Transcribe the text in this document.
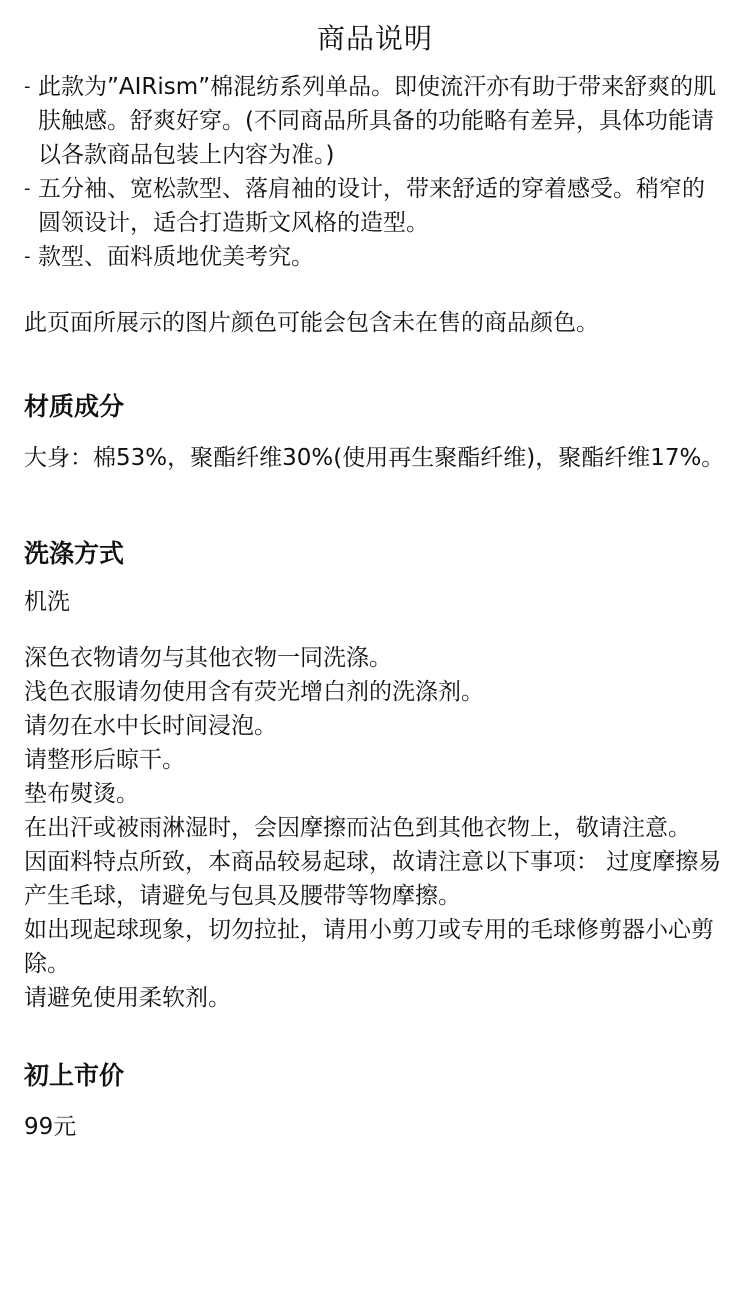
商品说明
- 此款为”AIRism”棉混纺系列单品。即使流汗亦有助于带来舒爽的肌肤触感。舒爽好穿。(不同商品所具备的功能略有差异，具体功能请以各款商品包装上内容为准。)
- 五分袖、宽松款型、落肩袖的设计，带来舒适的穿着感受。稍窄的圆领设计，适合打造斯文风格的造型。
- 款型、面料质地优美考究。

此页面所展示的图片颜色可能会包含未在售的商品颜色。

材质成分

大身：棉53%，聚酯纤维30%(使用再生聚酯纤维)，聚酯纤维17%。

洗涤方式

机洗

深色衣物请勿与其他衣物一同洗涤。

浅色衣服请勿使用含有荧光增白剂的洗涤剂。

请勿在水中长时间浸泡。

请整形后晾干。

垫布熨烫。

在出汗或被雨淋湿时，会因摩擦而沾色到其他衣物上，敬请注意。

因面料特点所致，本商品较易起球，故请注意以下事项： 过度摩擦易产生毛球，请避免与包具及腰带等物摩擦。

如出现起球现象，切勿拉扯，请用小剪刀或专用的毛球修剪器小心剪除。

请避免使用柔软剂。

初上市价

99元
